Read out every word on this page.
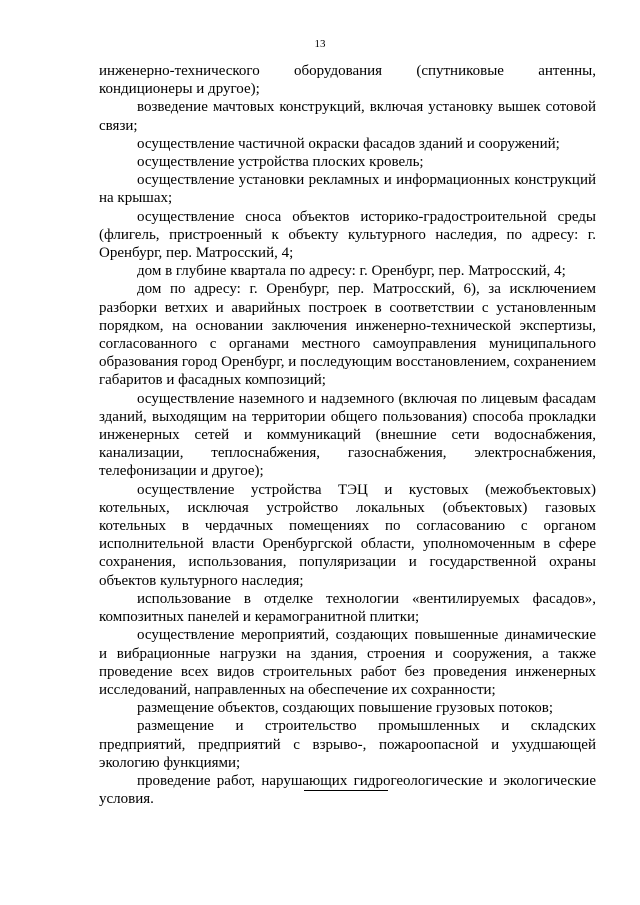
13

инженерно-технического оборудования (спутниковые антенны, кондиционеры и другое);

возведение мачтовых конструкций, включая установку вышек сотовой связи;

осуществление частичной окраски фасадов зданий и сооружений;

осуществление устройства плоских кровель;

осуществление установки рекламных и информационных конструкций на крышах;

осуществление сноса объектов историко-градостроительной среды (флигель, пристроенный к объекту культурного наследия, по адресу: г. Оренбург, пер. Матросский, 4;

дом в глубине квартала по адресу: г. Оренбург, пер. Матросский, 4;

дом по адресу: г. Оренбург, пер. Матросский, 6), за исключением разборки ветхих и аварийных построек в соответствии с установленным порядком, на основании заключения инженерно-технической экспертизы, согласованного с органами местного самоуправления муниципального образования город Оренбург, и последующим восстановлением, сохранением габаритов и фасадных композиций;

осуществление наземного и надземного (включая по лицевым фасадам зданий, выходящим на территории общего пользования) способа прокладки инженерных сетей и коммуникаций (внешние сети водоснабжения, канализации, теплоснабжения, газоснабжения, электроснабжения, телефонизации и другое);

осуществление устройства ТЭЦ и кустовых (межобъектовых) котельных, исключая устройство локальных (объектовых) газовых котельных в чердачных помещениях по согласованию с органом исполнительной власти Оренбургской области, уполномоченным в сфере сохранения, использования, популяризации и государственной охраны объектов культурного наследия;

использование в отделке технологии «вентилируемых фасадов», композитных панелей и керамогранитной плитки;

осуществление мероприятий, создающих повышенные динамические и вибрационные нагрузки на здания, строения и сооружения, а также проведение всех видов строительных работ без проведения инженерных исследований, направленных на обеспечение их сохранности;

размещение объектов, создающих повышение грузовых потоков;

размещение и строительство промышленных и складских предприятий, предприятий с взрыво-, пожароопасной и ухудшающей экологию функциями;

проведение работ, нарушающих гидрогеологические и экологические условия.
